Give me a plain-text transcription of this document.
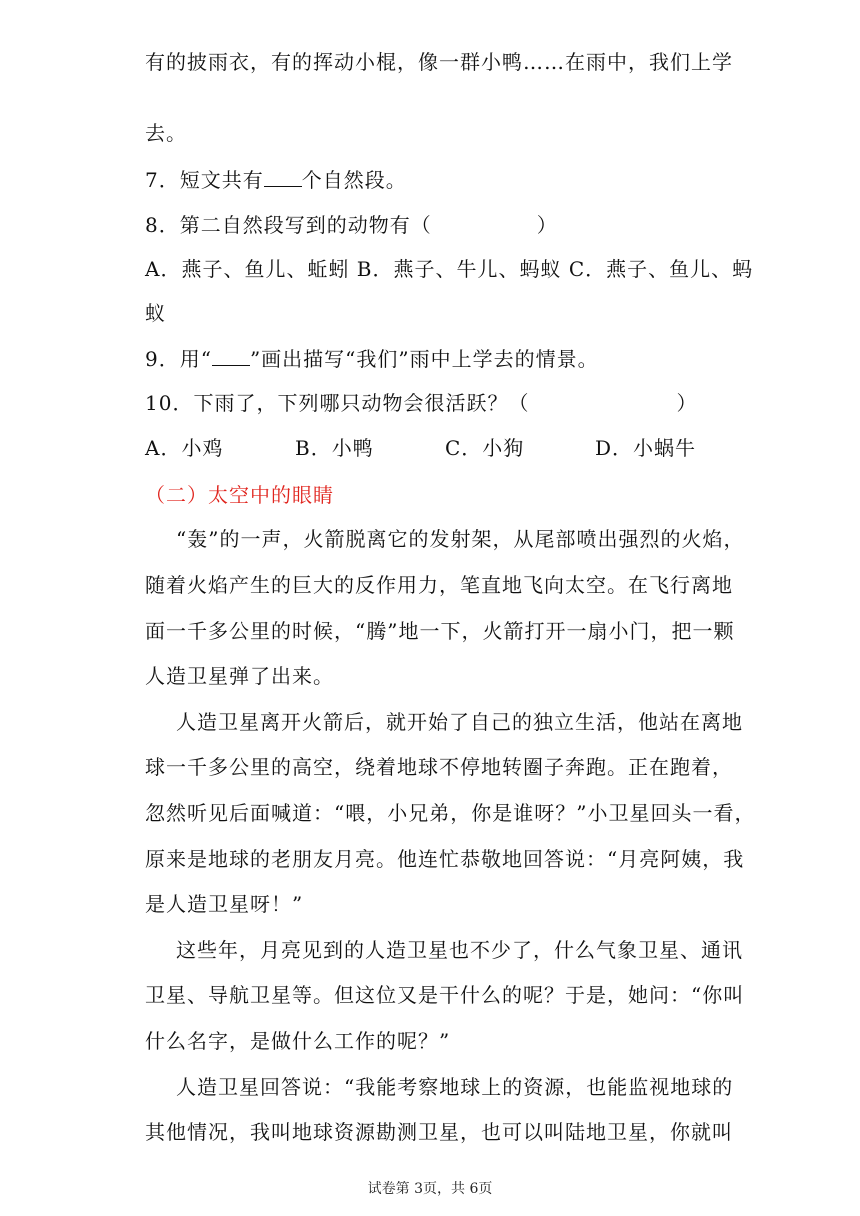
有的披雨衣，有的挥动小棍，像一群小鸭……在雨中，我们上学
去。
7．短文共有 个自然段。
8．第二自然段写到的动物有（　　　　　）
A．燕子、鱼儿、蚯蚓 B．燕子、牛儿、蚂蚁 C．燕子、鱼儿、蚂
蚁
9．用“ ”画出描写“我们”雨中上学去的情景。
10．下雨了，下列哪只动物会很活跃？（　　　　　　　）
A．小鸡	B．小鸭	C．小狗	D．小蜗牛
（二）太空中的眼睛
“轰”的一声，火箭脱离它的发射架，从尾部喷出强烈的火焰，
随着火焰产生的巨大的反作用力，笔直地飞向太空。在飞行离地
面一千多公里的时候，“腾”地一下，火箭打开一扇小门，把一颗
人造卫星弹了出来。
人造卫星离开火箭后，就开始了自己的独立生活，他站在离地
球一千多公里的高空，绕着地球不停地转圈子奔跑。正在跑着，
忽然听见后面喊道：“喂，小兄弟，你是谁呀？”小卫星回头一看，
原来是地球的老朋友月亮。他连忙恭敬地回答说：“月亮阿姨，我
是人造卫星呀！”
这些年，月亮见到的人造卫星也不少了，什么气象卫星、通讯
卫星、导航卫星等。但这位又是干什么的呢？于是，她问：“你叫
什么名字，是做什么工作的呢？”
人造卫星回答说：“我能考察地球上的资源，也能监视地球的
其他情况，我叫地球资源勘测卫星，也可以叫陆地卫星，你就叫
试卷第 3页，共 6页
